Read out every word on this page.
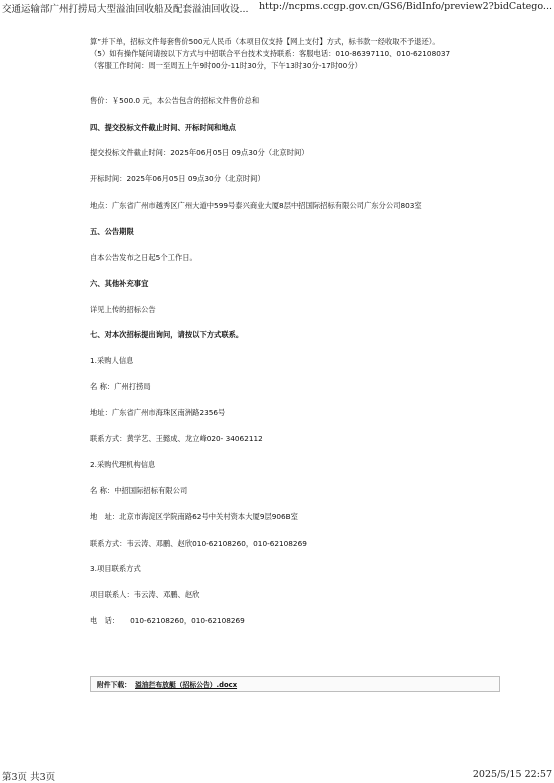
交通运输部广州打捞局大型溢油回收船及配套溢油回收设... http://ncpms.ccgp.gov.cn/GS6/BidInfo/preview2?bidCatego...
算”并下单，招标文件每套售价500元人民币（本项目仅支持【网上支付】方式，标书款一经收取不予退还）。
（5）如有操作疑问请按以下方式与中招联合平台技术支持联系：客服电话：010-86397110、010-62108037
（客服工作时间：周一至周五上午9时00分-11时30分，下午13时30分-17时00分）
售价：￥500.0 元，本公告包含的招标文件售价总和
四、提交投标文件截止时间、开标时间和地点
提交投标文件截止时间：2025年06月05日 09点30分（北京时间）
开标时间：2025年06月05日 09点30分（北京时间）
地点：广东省广州市越秀区广州大道中599号泰兴商业大厦8层中招国际招标有限公司广东分公司803室
五、公告期限
自本公告发布之日起5个工作日。
六、其他补充事宜
详见上传的招标公告
七、对本次招标提出询问，请按以下方式联系。
1.采购人信息
名 称：广州打捞局
地址：广东省广州市海珠区南洲路2356号
联系方式：黄学艺、王懿成、龙立峰020- 34062112
2.采购代理机构信息
名 称：中招国际招标有限公司
地　址：北京市海淀区学院南路62号中关村资本大厦9层906B室
联系方式：韦云涛、邓鹏、赵欣010-62108260，010-62108269
3.项目联系方式
项目联系人：韦云涛、邓鹏、赵欣
电　话：　　010-62108260，010-62108269
附件下载： 溢油拦布放艇（招标公告）.docx
第3页 共3页	2025/5/15 22:57
